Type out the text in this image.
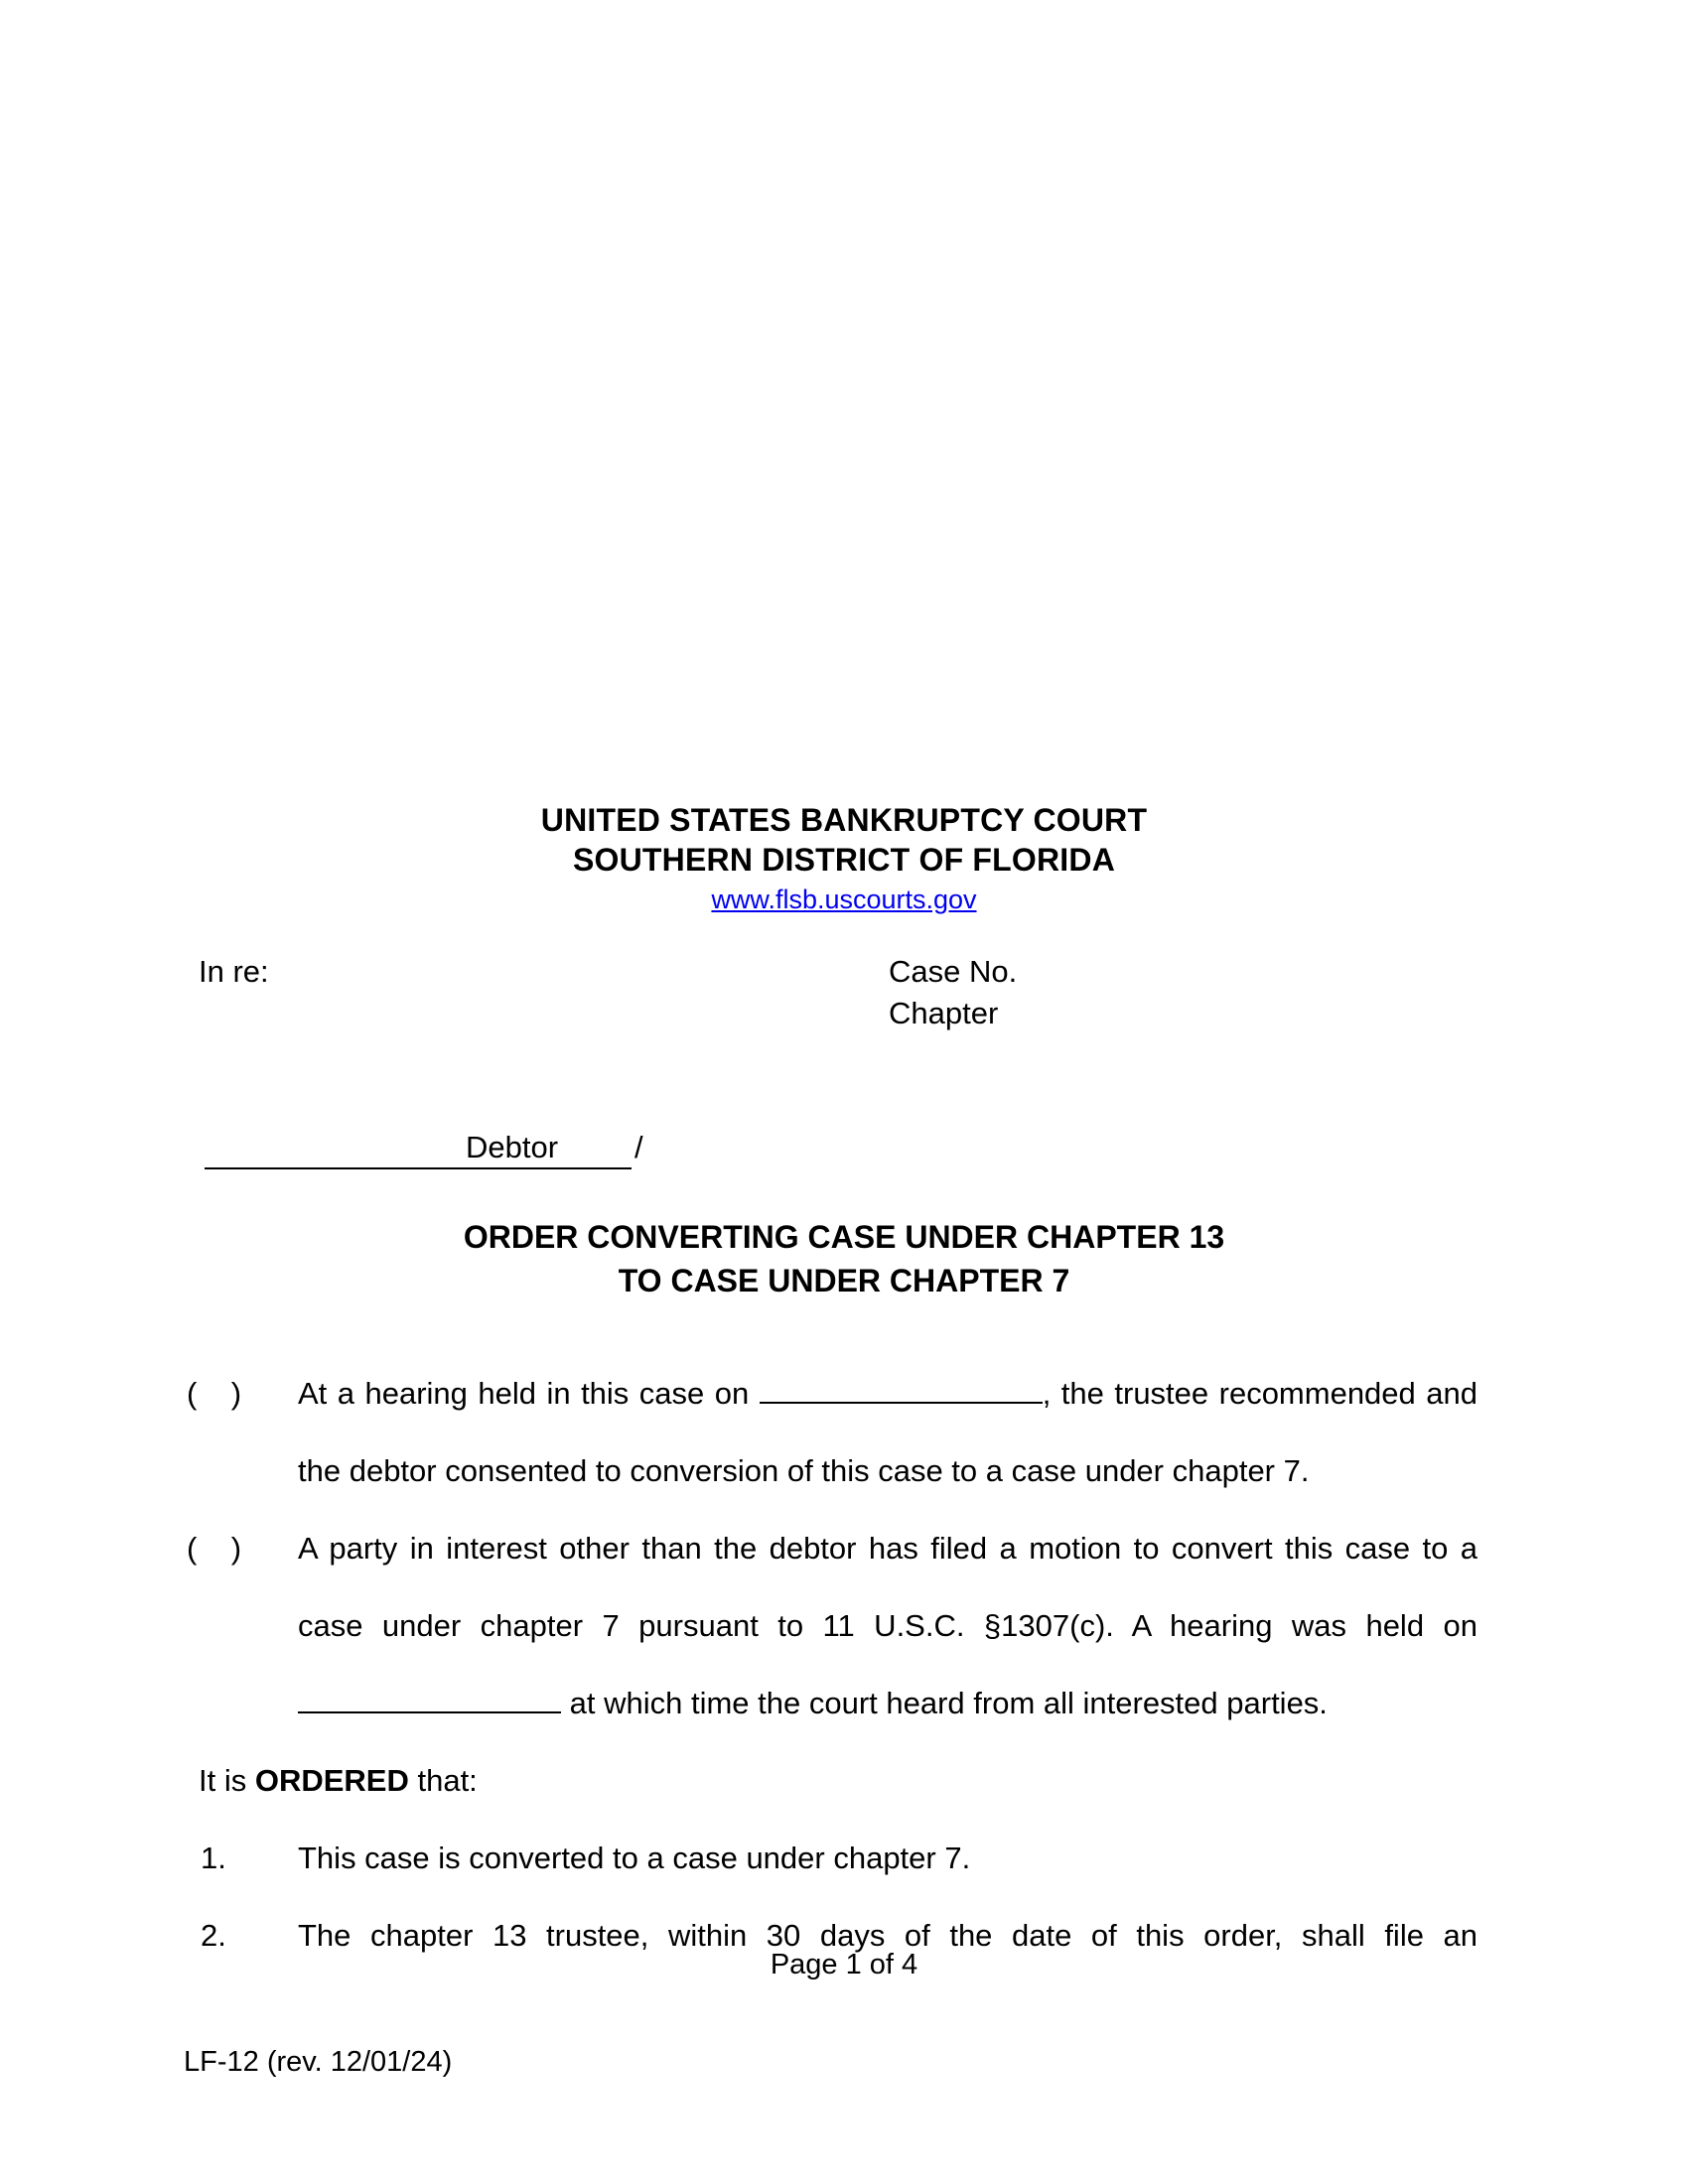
UNITED STATES BANKRUPTCY COURT
SOUTHERN DISTRICT OF FLORIDA
www.flsb.uscourts.gov
In re:	Case No.
Chapter
Debtor /
ORDER CONVERTING CASE UNDER CHAPTER 13
TO CASE UNDER CHAPTER 7
(    )	At a hearing held in this case on	, the trustee recommended and the debtor consented to conversion of this case to a case under chapter 7.
(    )	A party in interest other than the debtor has filed a motion to convert this case to a case under chapter 7 pursuant to 11 U.S.C. §1307(c). A hearing was held on  at which time the court heard from all interested parties.
It is ORDERED that:
1.	This case is converted to a case under chapter 7.
2.	The chapter 13 trustee, within 30 days of the date of this order, shall file an
Page 1 of 4
LF-12 (rev. 12/01/24)
